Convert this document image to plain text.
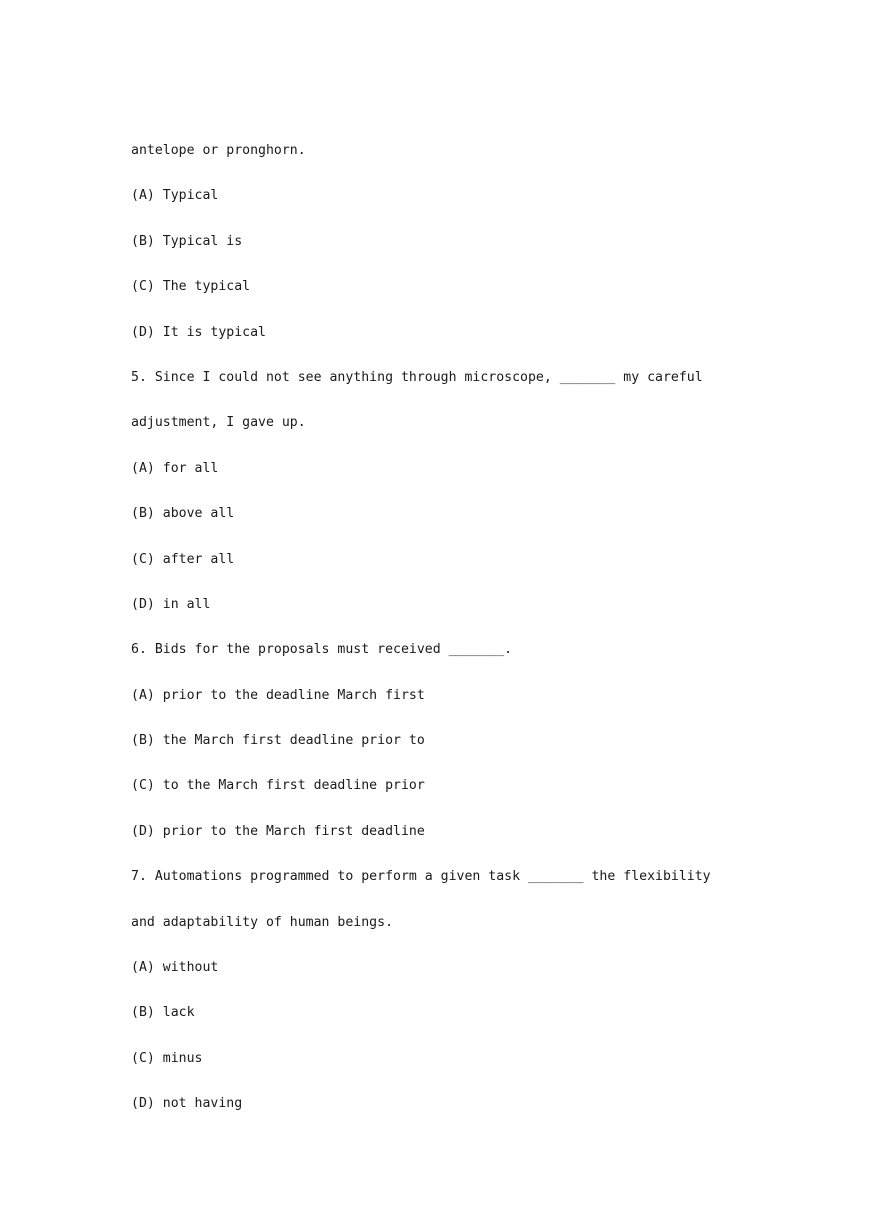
antelope or pronghorn.
(A) Typical
(B) Typical is
(C) The typical
(D) It is typical
5. Since I could not see anything through microscope, _______ my careful
adjustment, I gave up.
(A) for all
(B) above all
(C) after all
(D) in all
6. Bids for the proposals must received _______.
(A) prior to the deadline March first
(B) the March first deadline prior to
(C) to the March first deadline prior
(D) prior to the March first deadline
7. Automations programmed to perform a given task _______ the flexibility
and adaptability of human beings.
(A) without
(B) lack
(C) minus
(D) not having
